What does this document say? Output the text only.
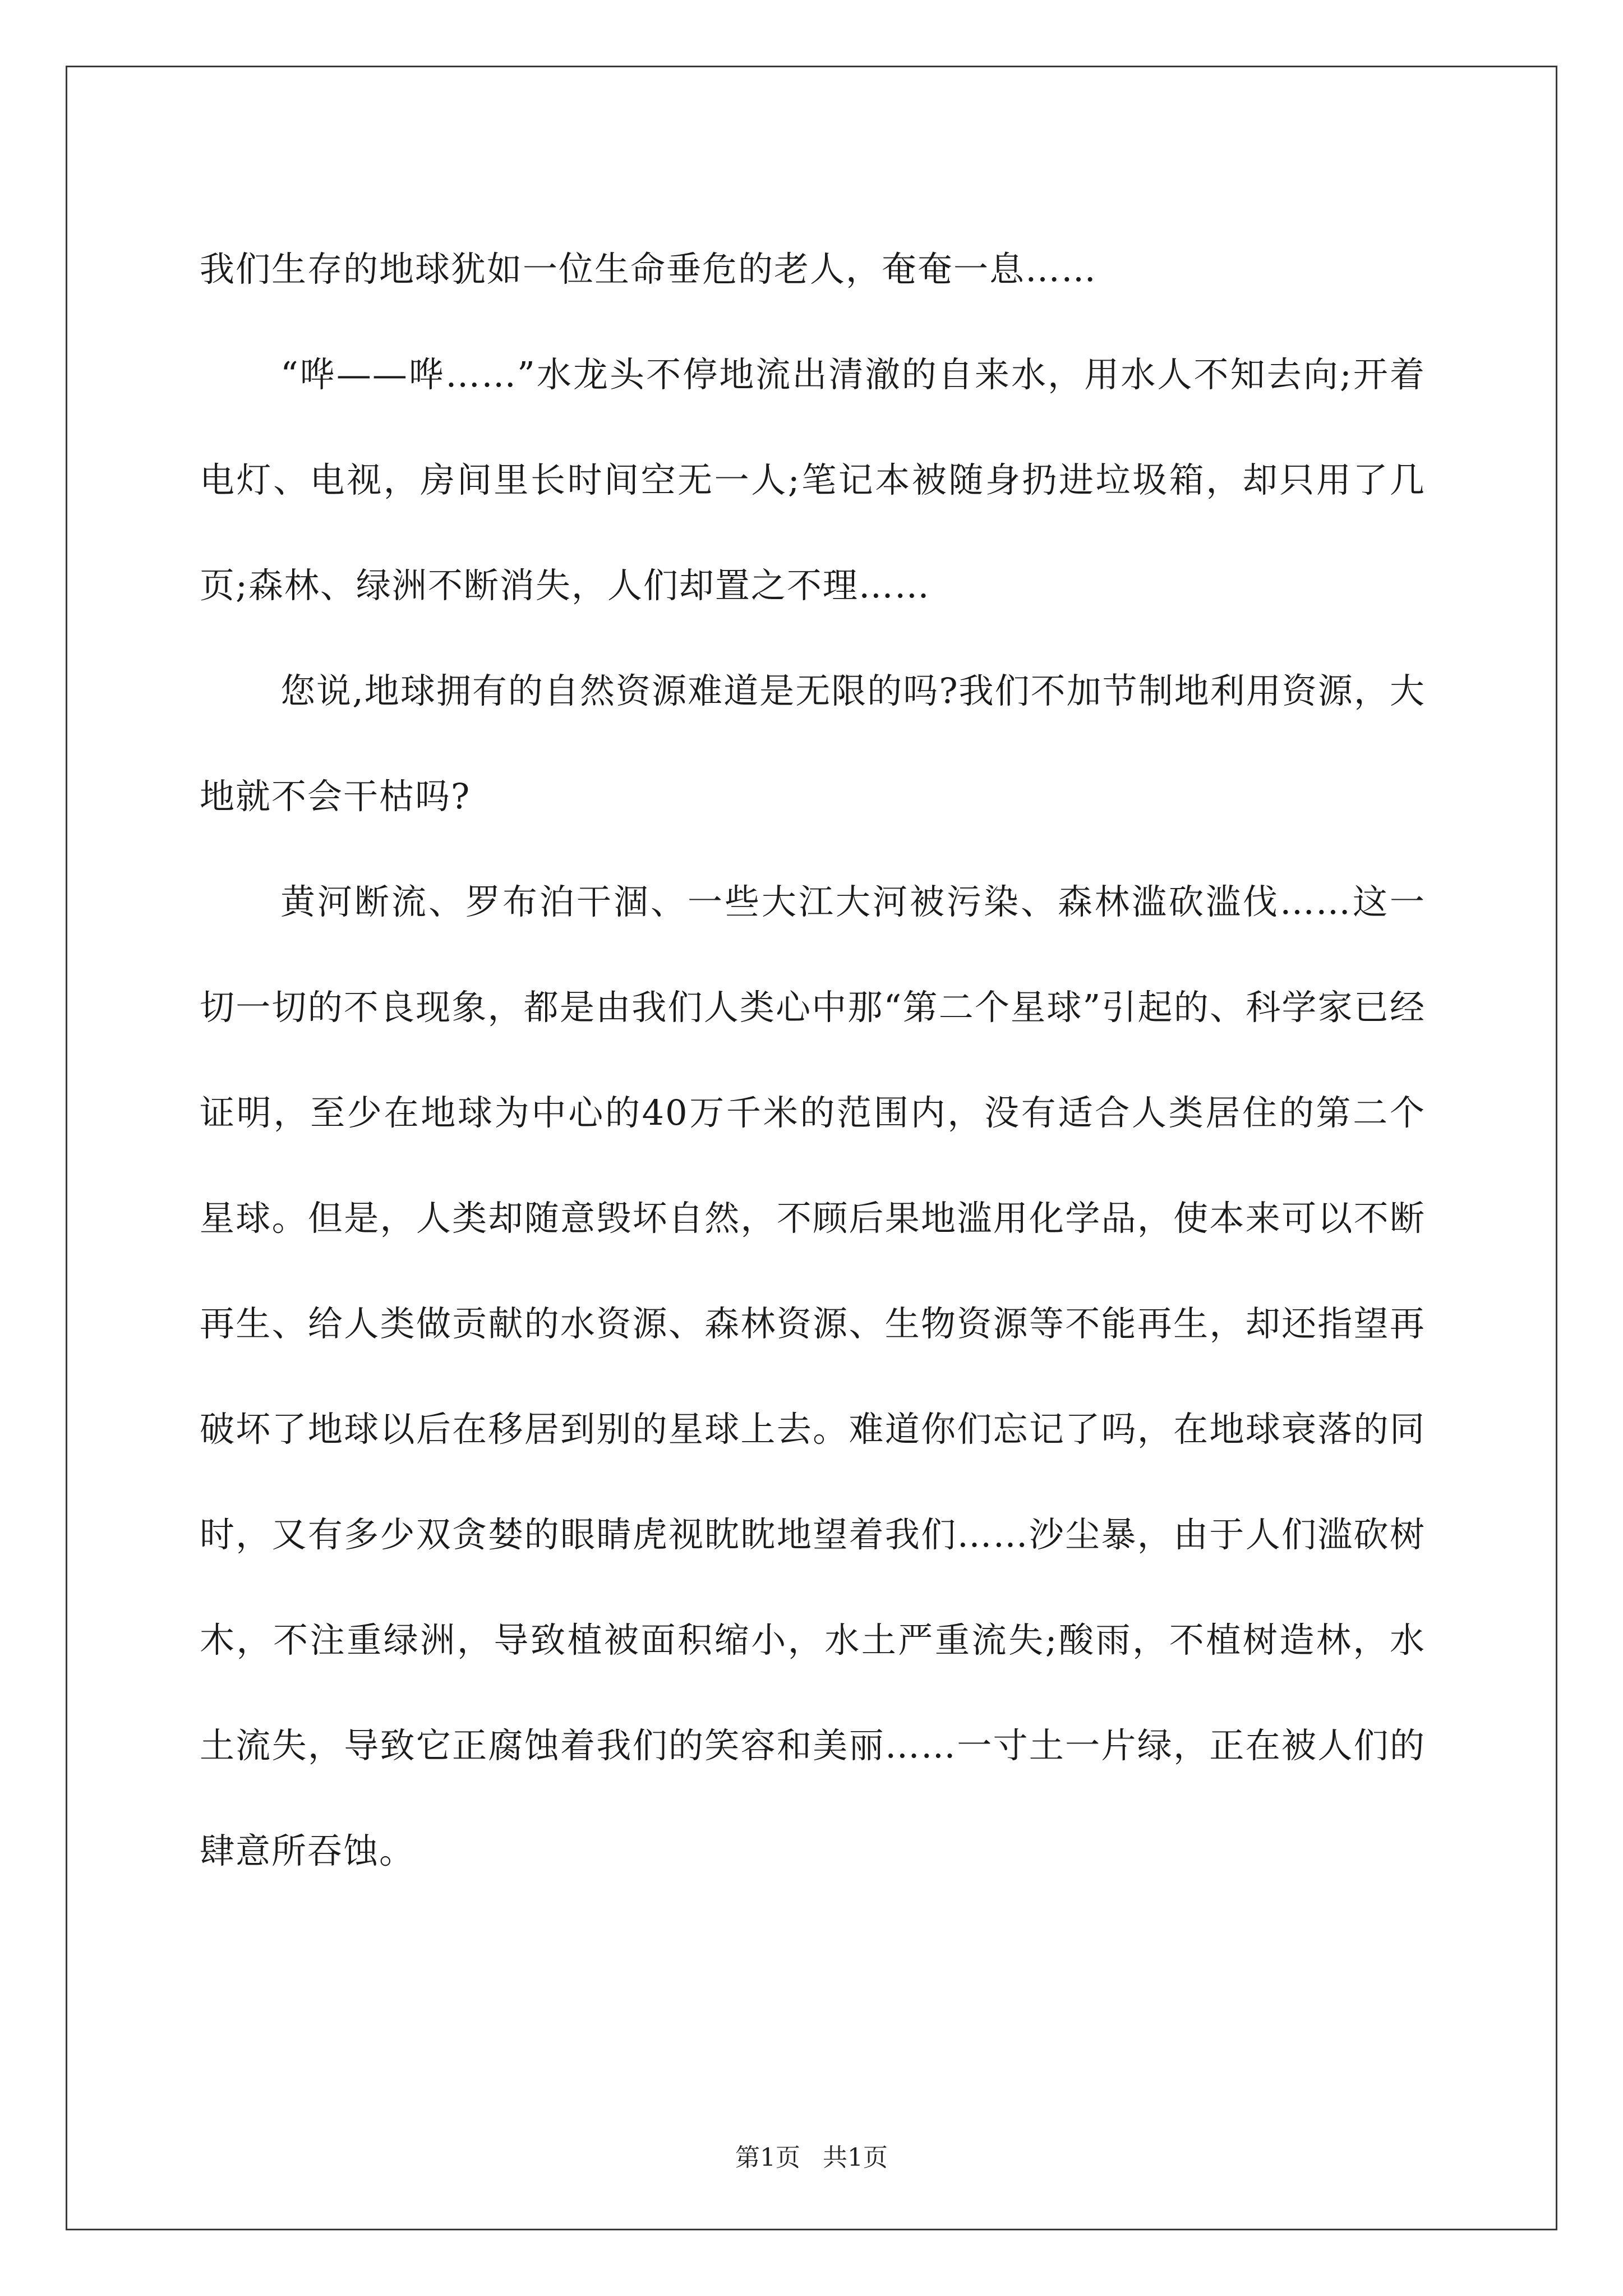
我们生存的地球犹如一位生命垂危的老人，奄奄一息……

“哗——哗……”水龙头不停地流出清澈的自来水，用水人不知去向;开着电灯、电视，房间里长时间空无一人;笔记本被随身扔进垃圾箱，却只用了几页;森林、绿洲不断消失，人们却置之不理……

您说,地球拥有的自然资源难道是无限的吗?我们不加节制地利用资源，大地就不会干枯吗?

黄河断流、罗布泊干涸、一些大江大河被污染、森林滥砍滥伐……这一切一切的不良现象，都是由我们人类心中那“第二个星球”引起的、科学家已经证明，至少在地球为中心的40万千米的范围内，没有适合人类居住的第二个星球。但是，人类却随意毁坏自然，不顾后果地滥用化学品，使本来可以不断再生、给人类做贡献的水资源、森林资源、生物资源等不能再生，却还指望再破坏了地球以后在移居到别的星球上去。难道你们忘记了吗，在地球衰落的同时，又有多少双贪婪的眼睛虎视眈眈地望着我们……沙尘暴，由于人们滥砍树木，不注重绿洲，导致植被面积缩小，水土严重流失;酸雨，不植树造林，水土流失，导致它正腐蚀着我们的笑容和美丽……一寸土一片绿，正在被人们的肆意所吞蚀。

第1页 共1页
